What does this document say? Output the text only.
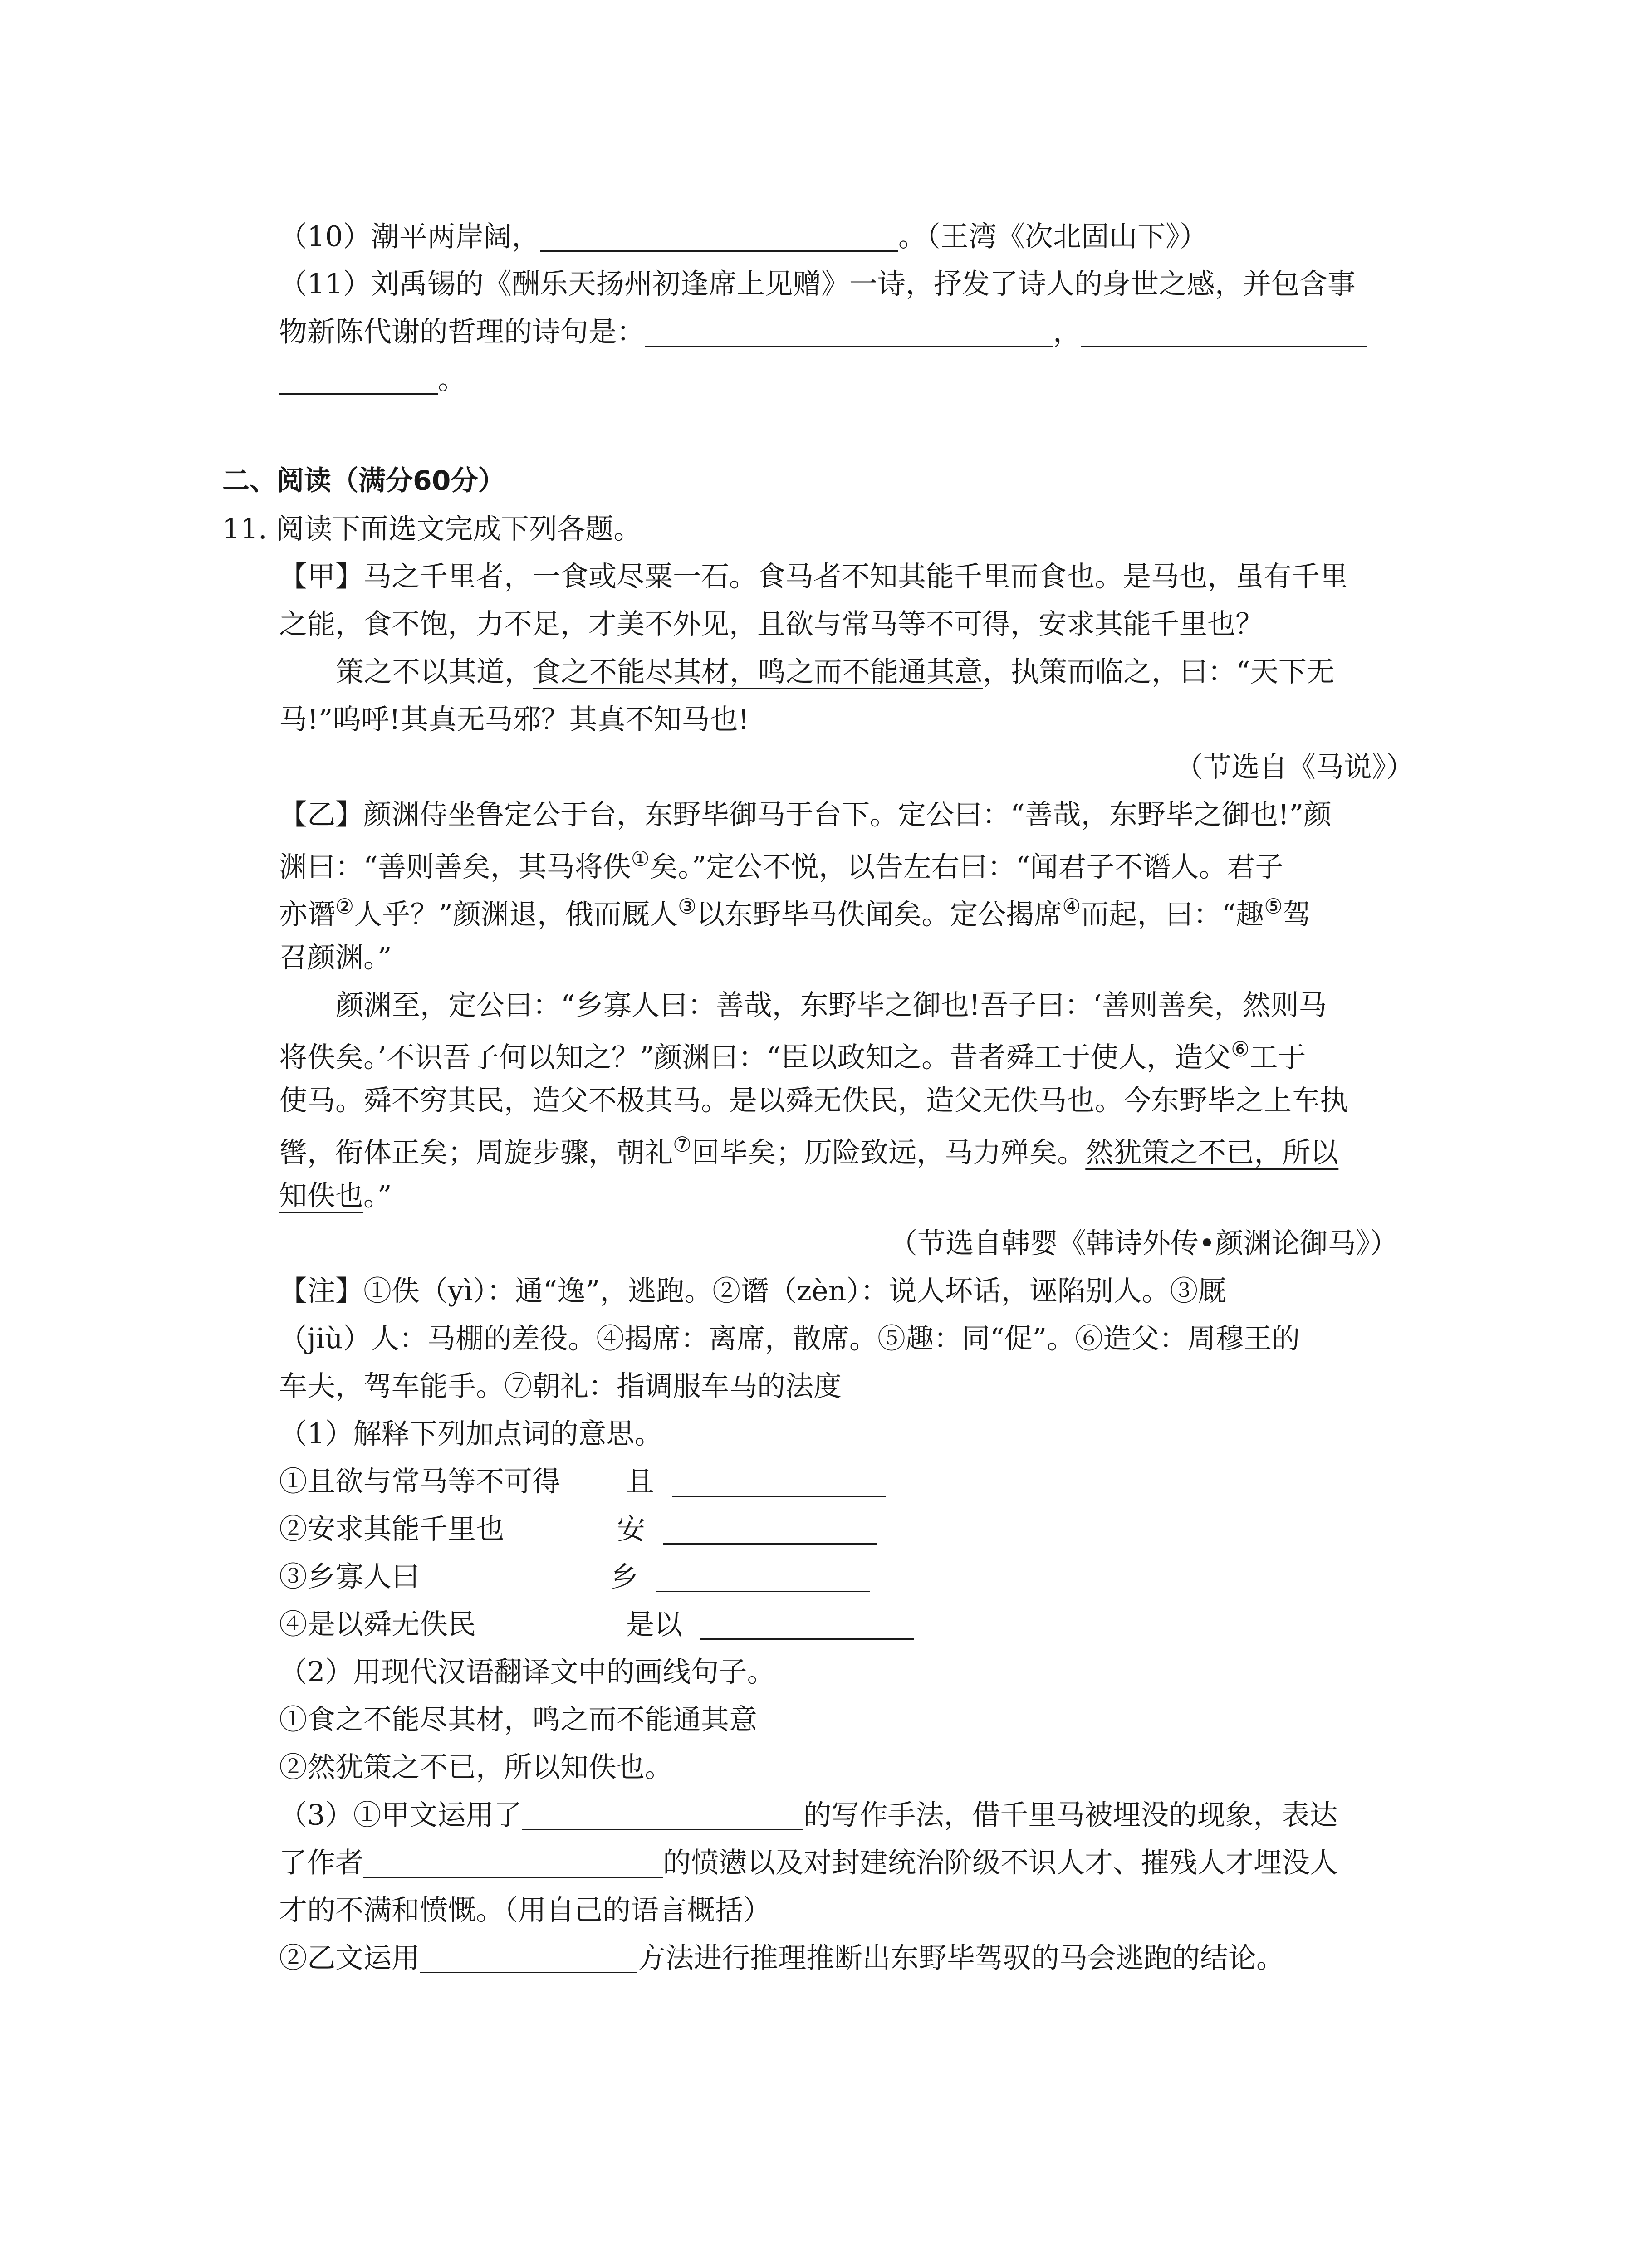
（10）潮平两岸阔，	。（王湾《次北固山下》）
（11）刘禹锡的《酬乐天扬州初逢席上见赠》一诗，抒发了诗人的身世之感，并包含事
物新陈代谢的哲理的诗句是：	，
。
二、阅读（满分60分）
11. 阅读下面选文完成下列各题。
【甲】马之千里者，一食或尽粟一石。食马者不知其能千里而食也。是马也，虽有千里
之能，食不饱，力不足，才美不外见，且欲与常马等不可得，安求其能千里也？
策之不以其道，食之不能尽其材，鸣之而不能通其意，执策而临之，曰：“天下无
马!”呜呼!其真无马邪？其真不知马也!
（节选自《马说》）
【乙】颜渊侍坐鲁定公于台，东野毕御马于台下。定公曰：“善哉，东野毕之御也!”颜
渊曰：“善则善矣，其马将佚①矣。”定公不悦，以告左右曰：“闻君子不谮人。君子
亦谮②人乎？”颜渊退，俄而厩人③以东野毕马佚闻矣。定公揭席④而起，曰：“趣⑤驾
召颜渊。”
颜渊至，定公曰：“乡寡人曰：善哉，东野毕之御也!吾子曰：‘善则善矣，然则马
将佚矣。’不识吾子何以知之？”颜渊曰：“臣以政知之。昔者舜工于使人，造父⑥工于
使马。舜不穷其民，造父不极其马。是以舜无佚民，造父无佚马也。今东野毕之上车执
辔，衔体正矣；周旋步骤，朝礼⑦回毕矣；历险致远，马力殚矣。然犹策之不已，所以
知佚也。”
（节选自韩婴《韩诗外传•颜渊论御马》）
【注】①佚（yì）：通“逸”，逃跑。②谮（zèn）：说人坏话，诬陷别人。③厩
（jiù）人：马棚的差役。④揭席：离席，散席。⑤趣：同“促”。⑥造父：周穆王的
车夫，驾车能手。⑦朝礼：指调服车马的法度
（1）解释下列加点词的意思。
①且欲与常马等不可得 且
②安求其能千里也	安
③乡寡人曰	乡
④是以舜无佚民	是以
（2）用现代汉语翻译文中的画线句子。
①食之不能尽其材，鸣之而不能通其意
②然犹策之不已，所以知佚也。
（3）①甲文运用了	的写作手法，借千里马被埋没的现象，表达
了作者	的愤懑以及对封建统治阶级不识人才、摧残人才埋没人
才的不满和愤慨。（用自己的语言概括）
②乙文运用	方法进行推理推断出东野毕驾驭的马会逃跑的结论。
